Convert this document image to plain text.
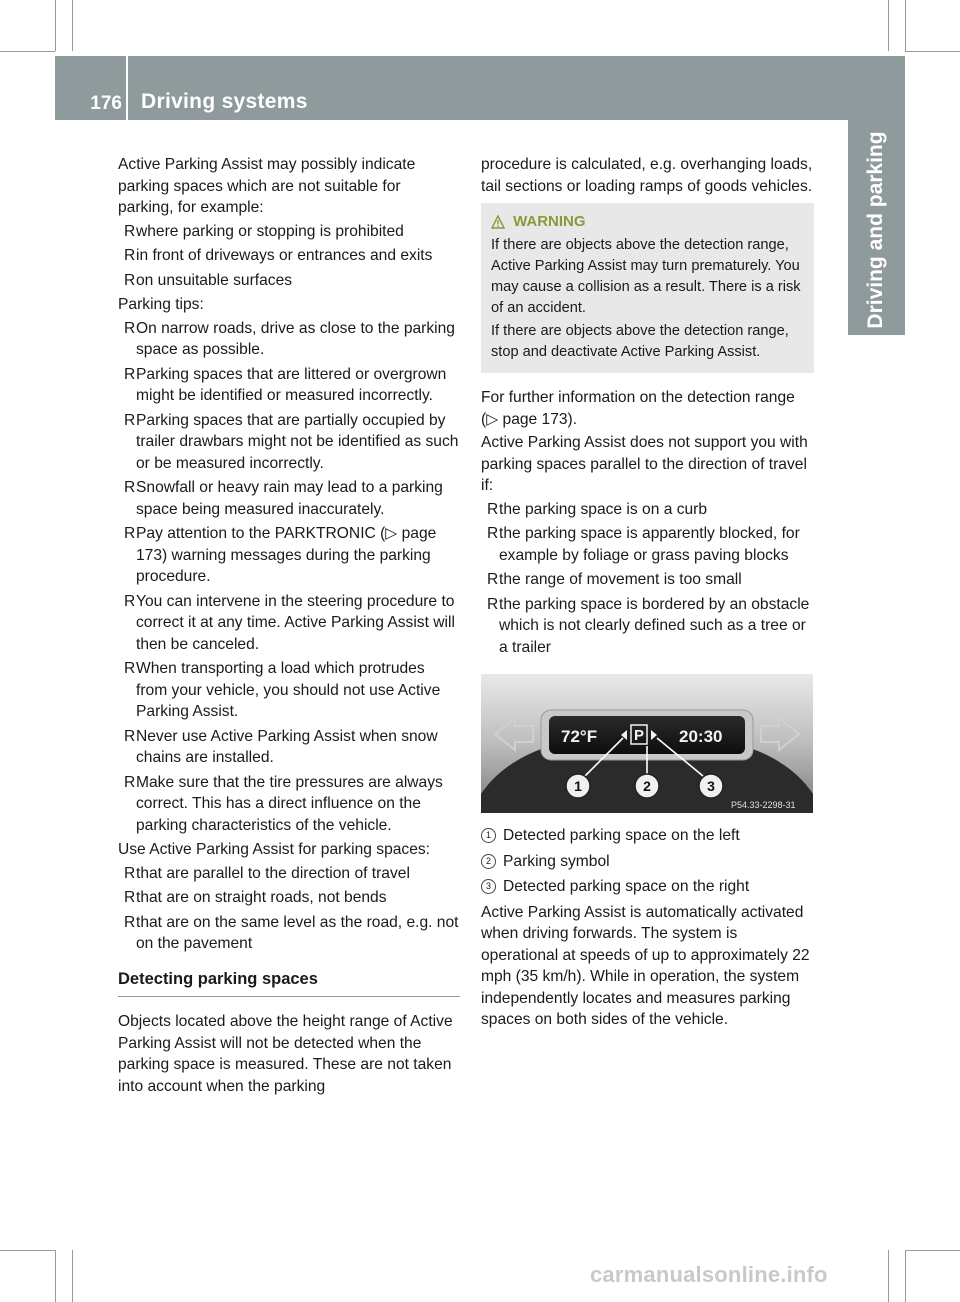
176 Driving systems
Driving and parking

Active Parking Assist may possibly indicate parking spaces which are not suitable for parking, for example:

R where parking or stopping is prohibited
R in front of driveways or entrances and exits
R on unsuitable surfaces

Parking tips:

R On narrow roads, drive as close to the parking space as possible.
R Parking spaces that are littered or overgrown might be identified or measured incorrectly.
R Parking spaces that are partially occupied by trailer drawbars might not be identified as such or be measured incorrectly.
R Snowfall or heavy rain may lead to a parking space being measured inaccurately.
R Pay attention to the PARKTRONIC (▷ page 173) warning messages during the parking procedure.
R You can intervene in the steering procedure to correct it at any time. Active Parking Assist will then be canceled.
R When transporting a load which protrudes from your vehicle, you should not use Active Parking Assist.
R Never use Active Parking Assist when snow chains are installed.
R Make sure that the tire pressures are always correct. This has a direct influence on the parking characteristics of the vehicle.

Use Active Parking Assist for parking spaces:

R that are parallel to the direction of travel
R that are on straight roads, not bends
R that are on the same level as the road, e.g. not on the pavement
Detecting parking spaces

Objects located above the height range of Active Parking Assist will not be detected when the parking space is measured. These are not taken into account when the parking

procedure is calculated, e.g. overhanging loads, tail sections or loading ramps of goods vehicles.

WARNING

If there are objects above the detection range, Active Parking Assist may turn prematurely. You may cause a collision as a result. There is a risk of an accident.

If there are objects above the detection range, stop and deactivate Active Parking Assist.

For further information on the detection range (▷ page 173).

Active Parking Assist does not support you with parking spaces parallel to the direction of travel if:

R the parking space is on a curb
R the parking space is apparently blocked, for example by foliage or grass paving blocks
R the range of movement is too small
R the parking space is bordered by an obstacle which is not clearly defined such as a tree or a trailer
72°F P 20:30
1	2	3
P54.33-2298-31
1 Detected parking space on the left
2 Parking symbol
3 Detected parking space on the right

Active Parking Assist is automatically activated when driving forwards. The system is operational at speeds of up to approximately 22 mph (35 km/h). While in operation, the system independently locates and measures parking spaces on both sides of the vehicle.

carmanualsonline.info
